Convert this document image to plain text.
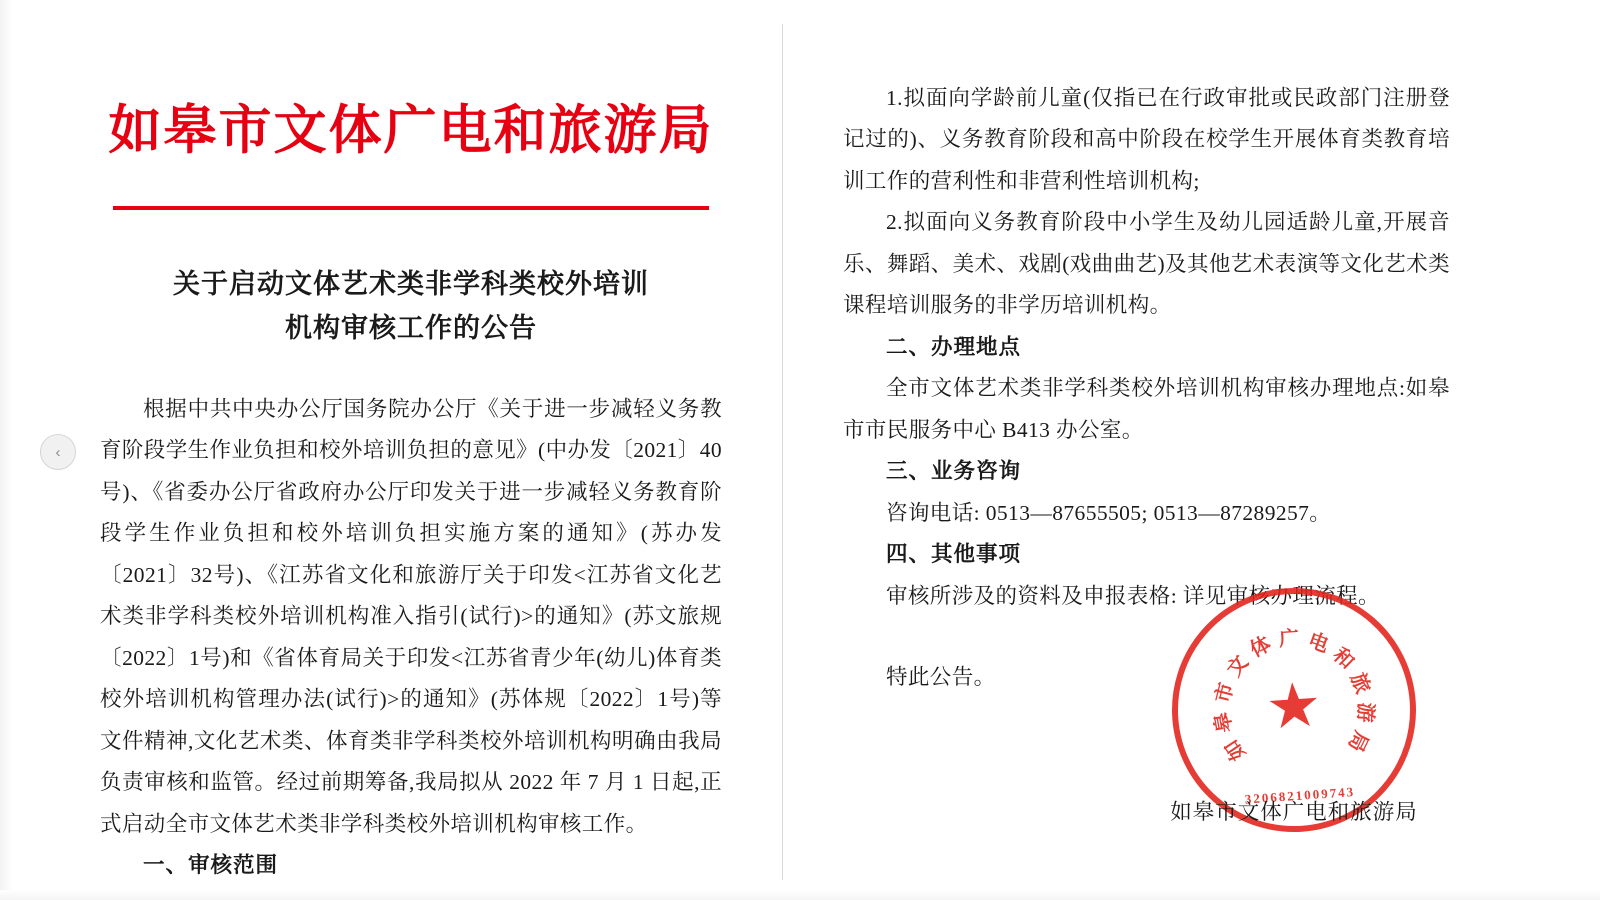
如皋市文体广电和旅游局
关于启动文体艺术类非学科类校外培训
机构审核工作的公告

根据中共中央办公厅国务院办公厅《关于进一步减轻义务教育阶段学生作业负担和校外培训负担的意见》(中办发〔2021〕40号)、《省委办公厅省政府办公厅印发关于进一步减轻义务教育阶段学生作业负担和校外培训负担实施方案的通知》(苏办发〔2021〕32号)、《江苏省文化和旅游厅关于印发<江苏省文化艺术类非学科类校外培训机构准入指引(试行)>的通知》(苏文旅规〔2022〕1号)和《省体育局关于印发<江苏省青少年(幼儿)体育类校外培训机构管理办法(试行)>的通知》(苏体规〔2022〕1号)等文件精神,文化艺术类、体育类非学科类校外培训机构明确由我局负责审核和监管。经过前期筹备,我局拟从 2022 年 7 月 1 日起,正式启动全市文体艺术类非学科类校外培训机构审核工作。

一、审核范围

1.拟面向学龄前儿童(仅指已在行政审批或民政部门注册登记过的)、义务教育阶段和高中阶段在校学生开展体育类教育培训工作的营利性和非营利性培训机构;

2.拟面向义务教育阶段中小学生及幼儿园适龄儿童,开展音乐、舞蹈、美术、戏剧(戏曲曲艺)及其他艺术表演等文化艺术类课程培训服务的非学历培训机构。

二、办理地点

全市文体艺术类非学科类校外培训机构审核办理地点:如皋市市民服务中心 B413 办公室。

三、业务咨询

咨询电话: 0513—87655505; 0513—87289257。

四、其他事项

审核所涉及的资料及申报表格: 详见审核办理流程。

特此公告。

如
皋
市
文
体 广 电
和
旅
游
局
★
3206821009743
如皋市文体广电和旅游局
‹
